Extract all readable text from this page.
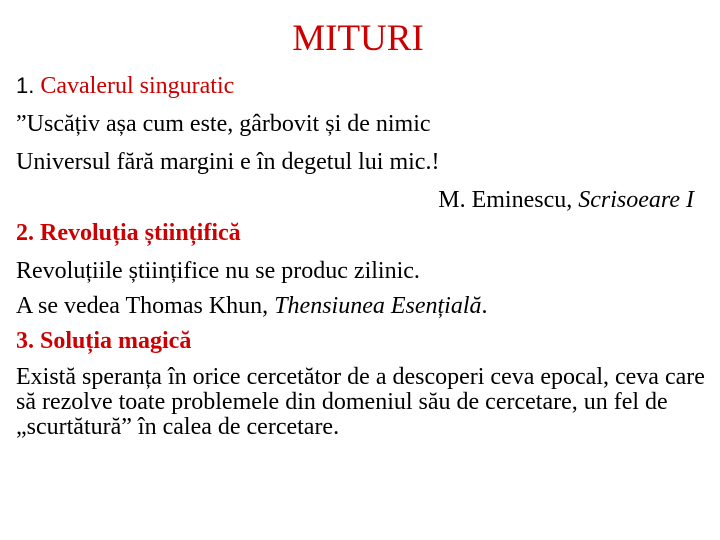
MITURI
1. Cavalerul singuratic
”Uscățiv așa cum este, gârbovit și de nimic
Universul fără margini e în degetul lui mic.!
M. Eminescu, Scrisoeare I
2. Revoluția științifică
Revoluțiile științifice nu se produc zilinic.
A se vedea Thomas Khun, Thensiunea Esențială.
3. Soluția magică
Există speranța în orice cercetător de a descoperi ceva epocal, ceva care să rezolve toate problemele din domeniul său de cercetare, un fel de „scurtătură” în calea de cercetare.
